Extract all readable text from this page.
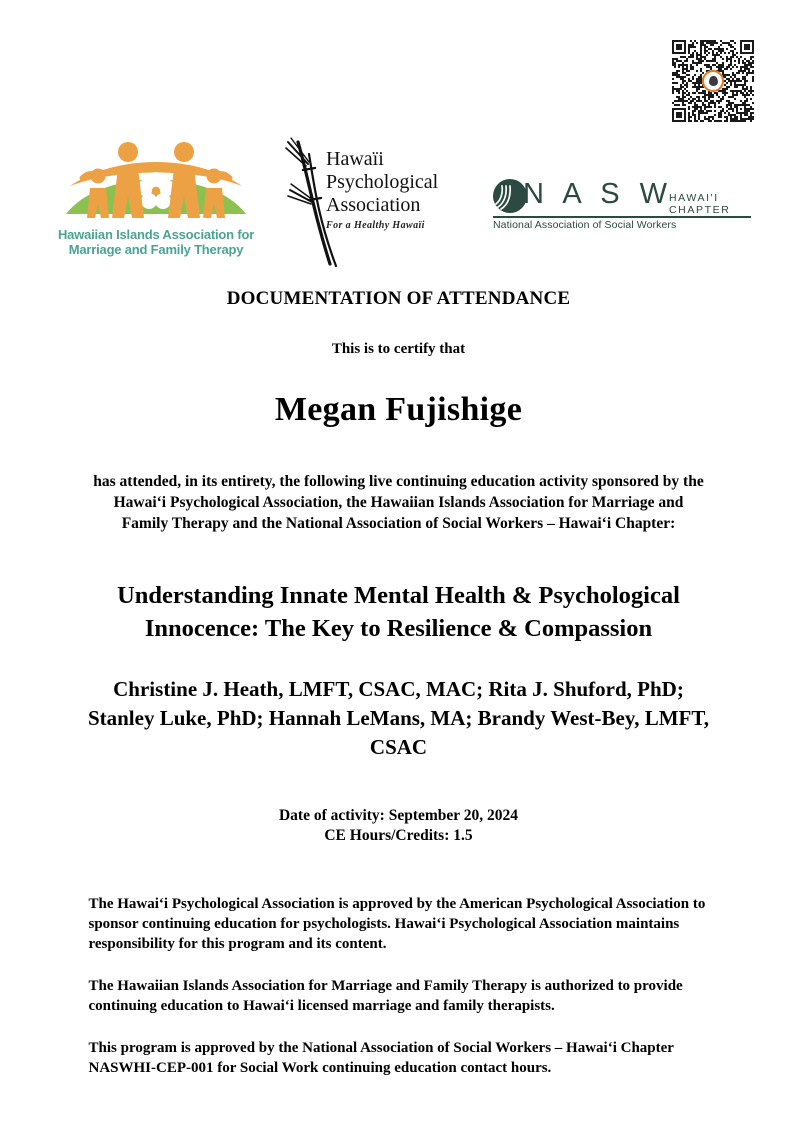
Hawaiian Islands Association for
Marriage and Family Therapy
Hawaïi
Psychological
Association
For a Healthy Hawaïi
N A S W
HAWAI'I CHAPTER
National Association of Social Workers
DOCUMENTATION OF ATTENDANCE
This is to certify that
Megan Fujishige
has attended, in its entirety, the following live continuing education activity sponsored by the Hawaiʻi Psychological Association, the Hawaiian Islands Association for Marriage and Family Therapy and the National Association of Social Workers – Hawaiʻi Chapter:
Understanding Innate Mental Health & Psychological Innocence: The Key to Resilience & Compassion
Christine J. Heath, LMFT, CSAC, MAC; Rita J. Shuford, PhD; Stanley Luke, PhD; Hannah LeMans, MA; Brandy West-Bey, LMFT, CSAC
Date of activity: September 20, 2024
CE Hours/Credits: 1.5

The Hawaiʻi Psychological Association is approved by the American Psychological Association to sponsor continuing education for psychologists. Hawaiʻi Psychological Association maintains responsibility for this program and its content.

The Hawaiian Islands Association for Marriage and Family Therapy is authorized to provide continuing education to Hawaiʻi licensed marriage and family therapists.

This program is approved by the National Association of Social Workers – Hawaiʻi Chapter NASWHI-CEP-001 for Social Work continuing education contact hours.
